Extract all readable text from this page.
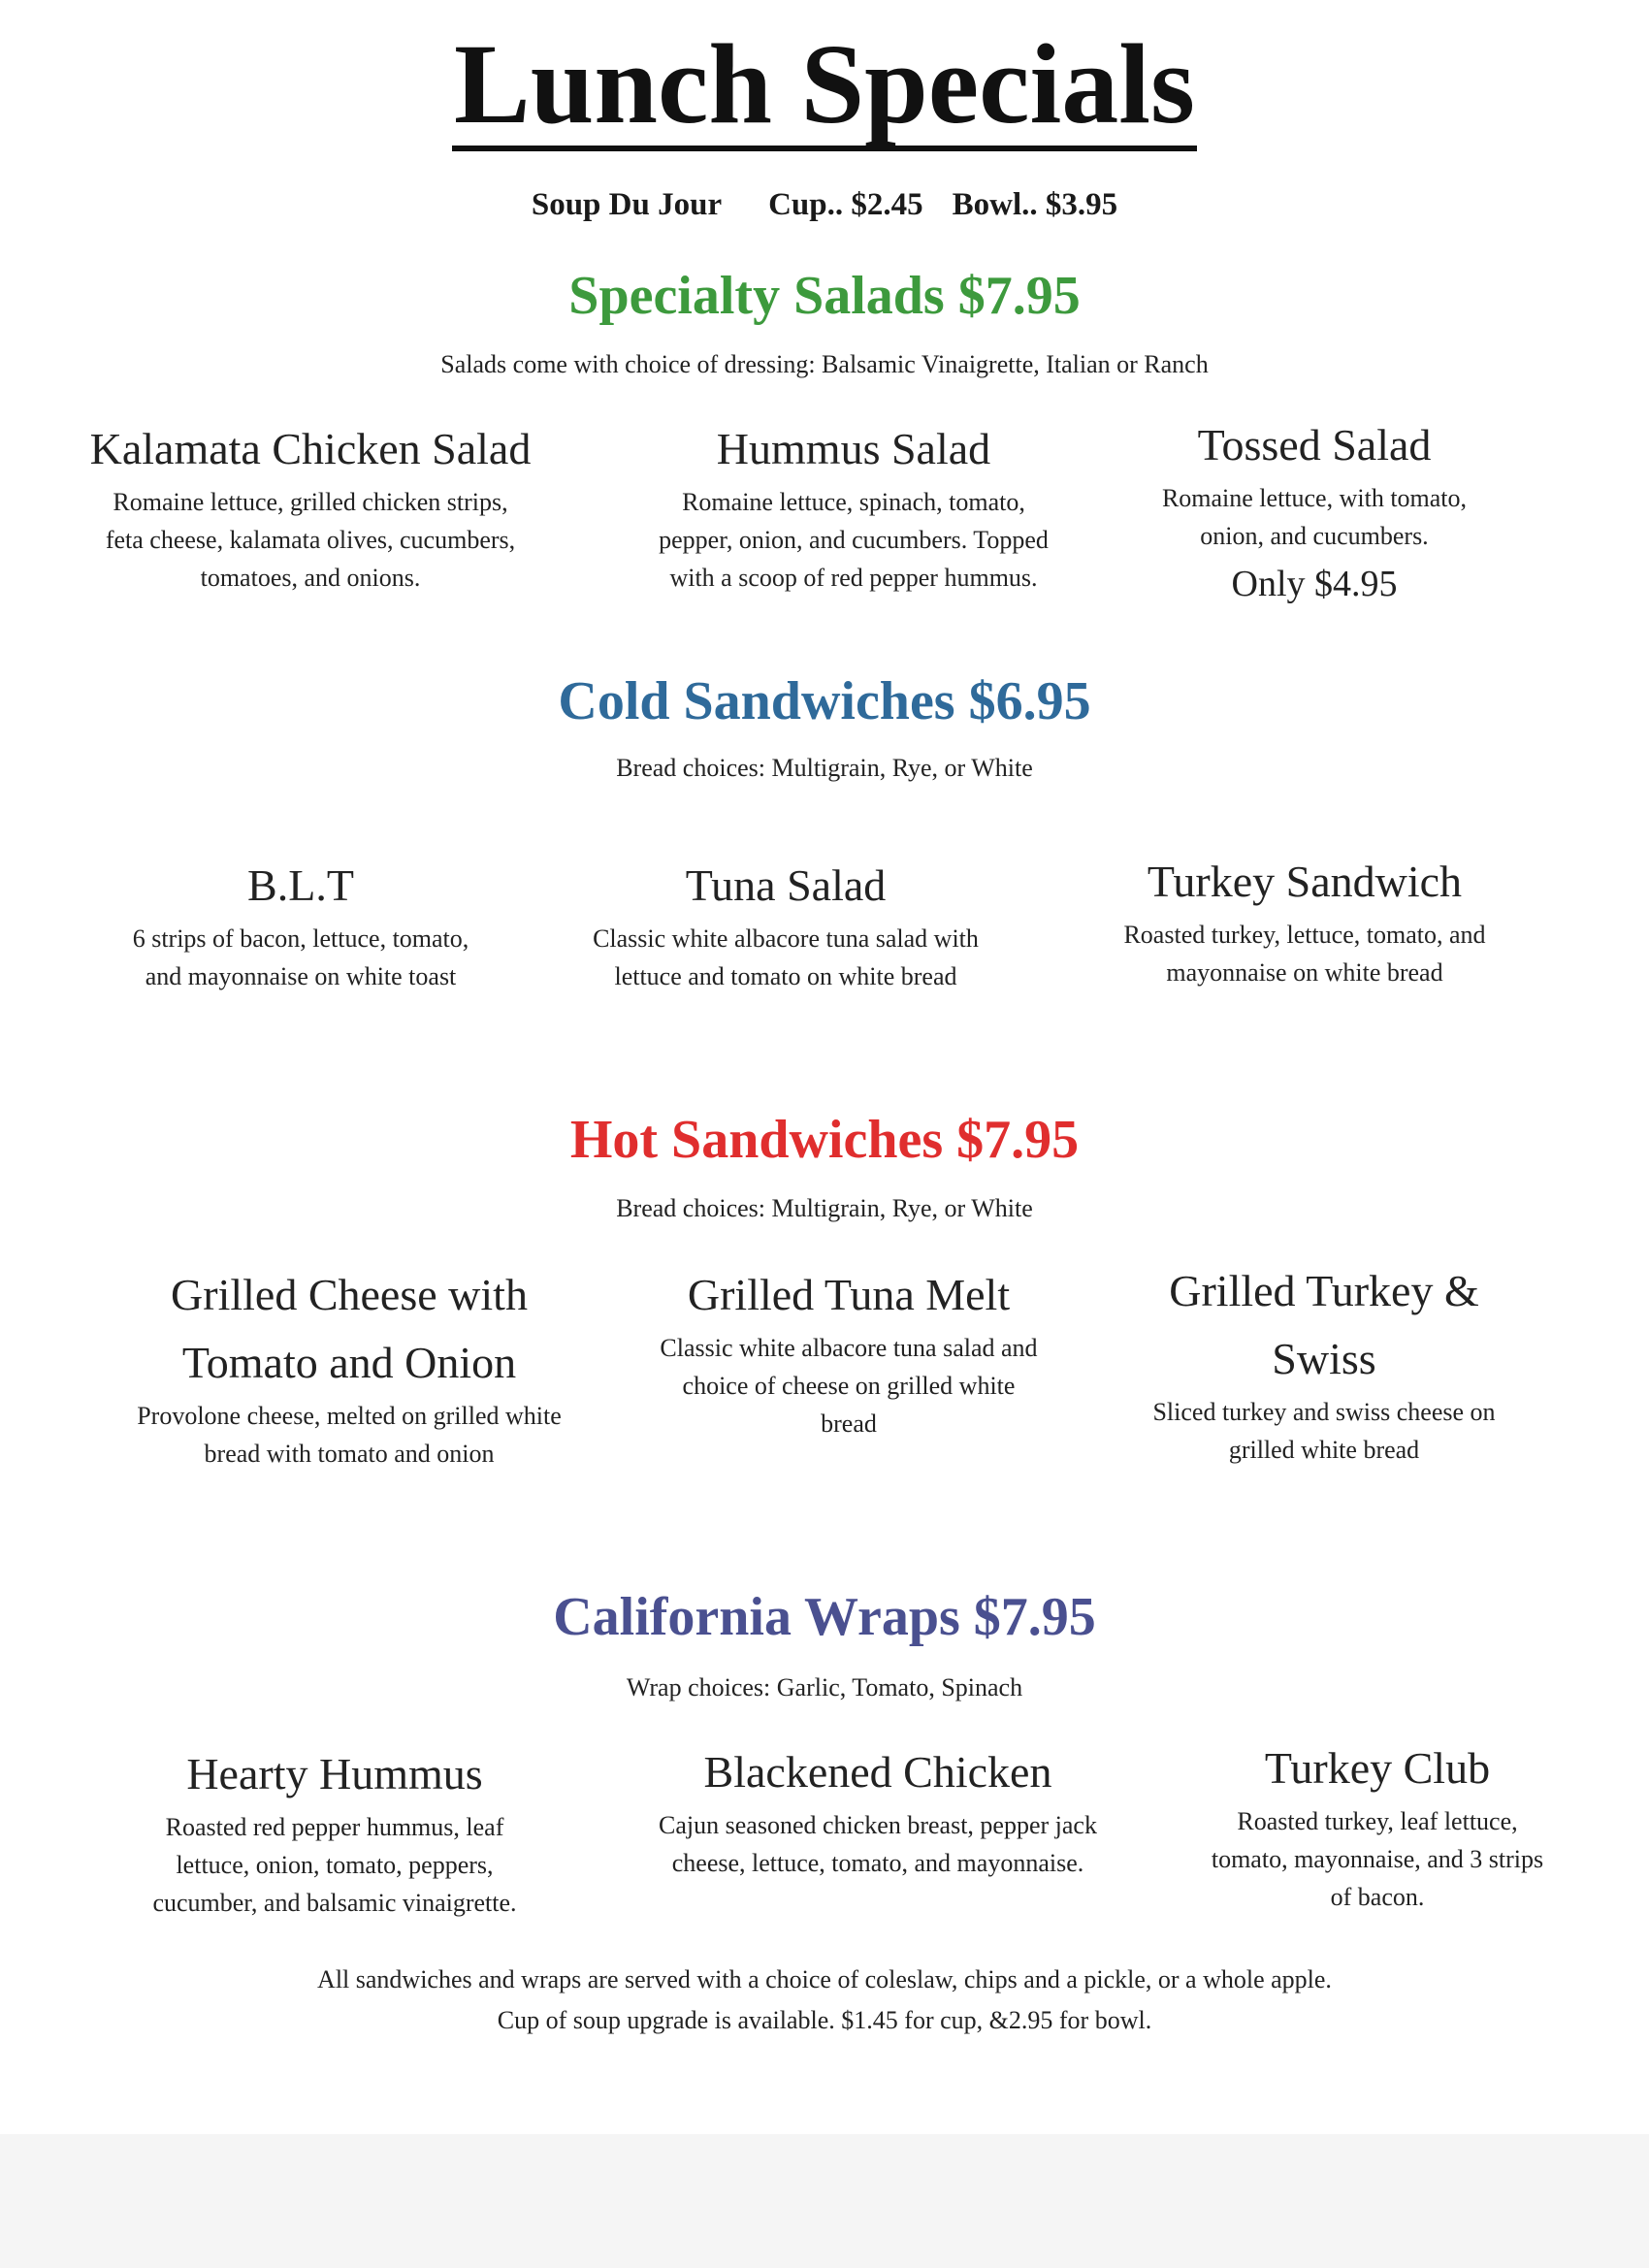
Lunch Specials
Soup Du Jour Cup.. $2.45 Bowl.. $3.95
Specialty Salads $7.95
Salads come with choice of dressing: Balsamic Vinaigrette, Italian or Ranch
Kalamata Chicken Salad
Romaine lettuce, grilled chicken strips,
feta cheese, kalamata olives, cucumbers,
tomatoes, and onions.
Hummus Salad
Romaine lettuce, spinach, tomato,
pepper, onion, and cucumbers. Topped
with a scoop of red pepper hummus.
Tossed Salad
Romaine lettuce, with tomato,
onion, and cucumbers.
Only $4.95
Cold Sandwiches $6.95
Bread choices: Multigrain, Rye, or White
B.L.T
6 strips of bacon, lettuce, tomato,
and mayonnaise on white toast
Tuna Salad
Classic white albacore tuna salad with
lettuce and tomato on white bread
Turkey Sandwich
Roasted turkey, lettuce, tomato, and
mayonnaise on white bread
Hot Sandwiches $7.95
Bread choices: Multigrain, Rye, or White
Grilled Cheese with
Tomato and Onion
Provolone cheese, melted on grilled white
bread with tomato and onion
Grilled Tuna Melt
Classic white albacore tuna salad and
choice of cheese on grilled white
bread
Grilled Turkey &
Swiss
Sliced turkey and swiss cheese on
grilled white bread
California Wraps $7.95
Wrap choices: Garlic, Tomato, Spinach
Hearty Hummus
Roasted red pepper hummus, leaf
lettuce, onion, tomato, peppers,
cucumber, and balsamic vinaigrette.
Blackened Chicken
Cajun seasoned chicken breast, pepper jack
cheese, lettuce, tomato, and mayonnaise.
Turkey Club
Roasted turkey, leaf lettuce,
tomato, mayonnaise, and 3 strips
of bacon.
All sandwiches and wraps are served with a choice of coleslaw, chips and a pickle, or a whole apple.
Cup of soup upgrade is available. $1.45 for cup, &2.95 for bowl.
